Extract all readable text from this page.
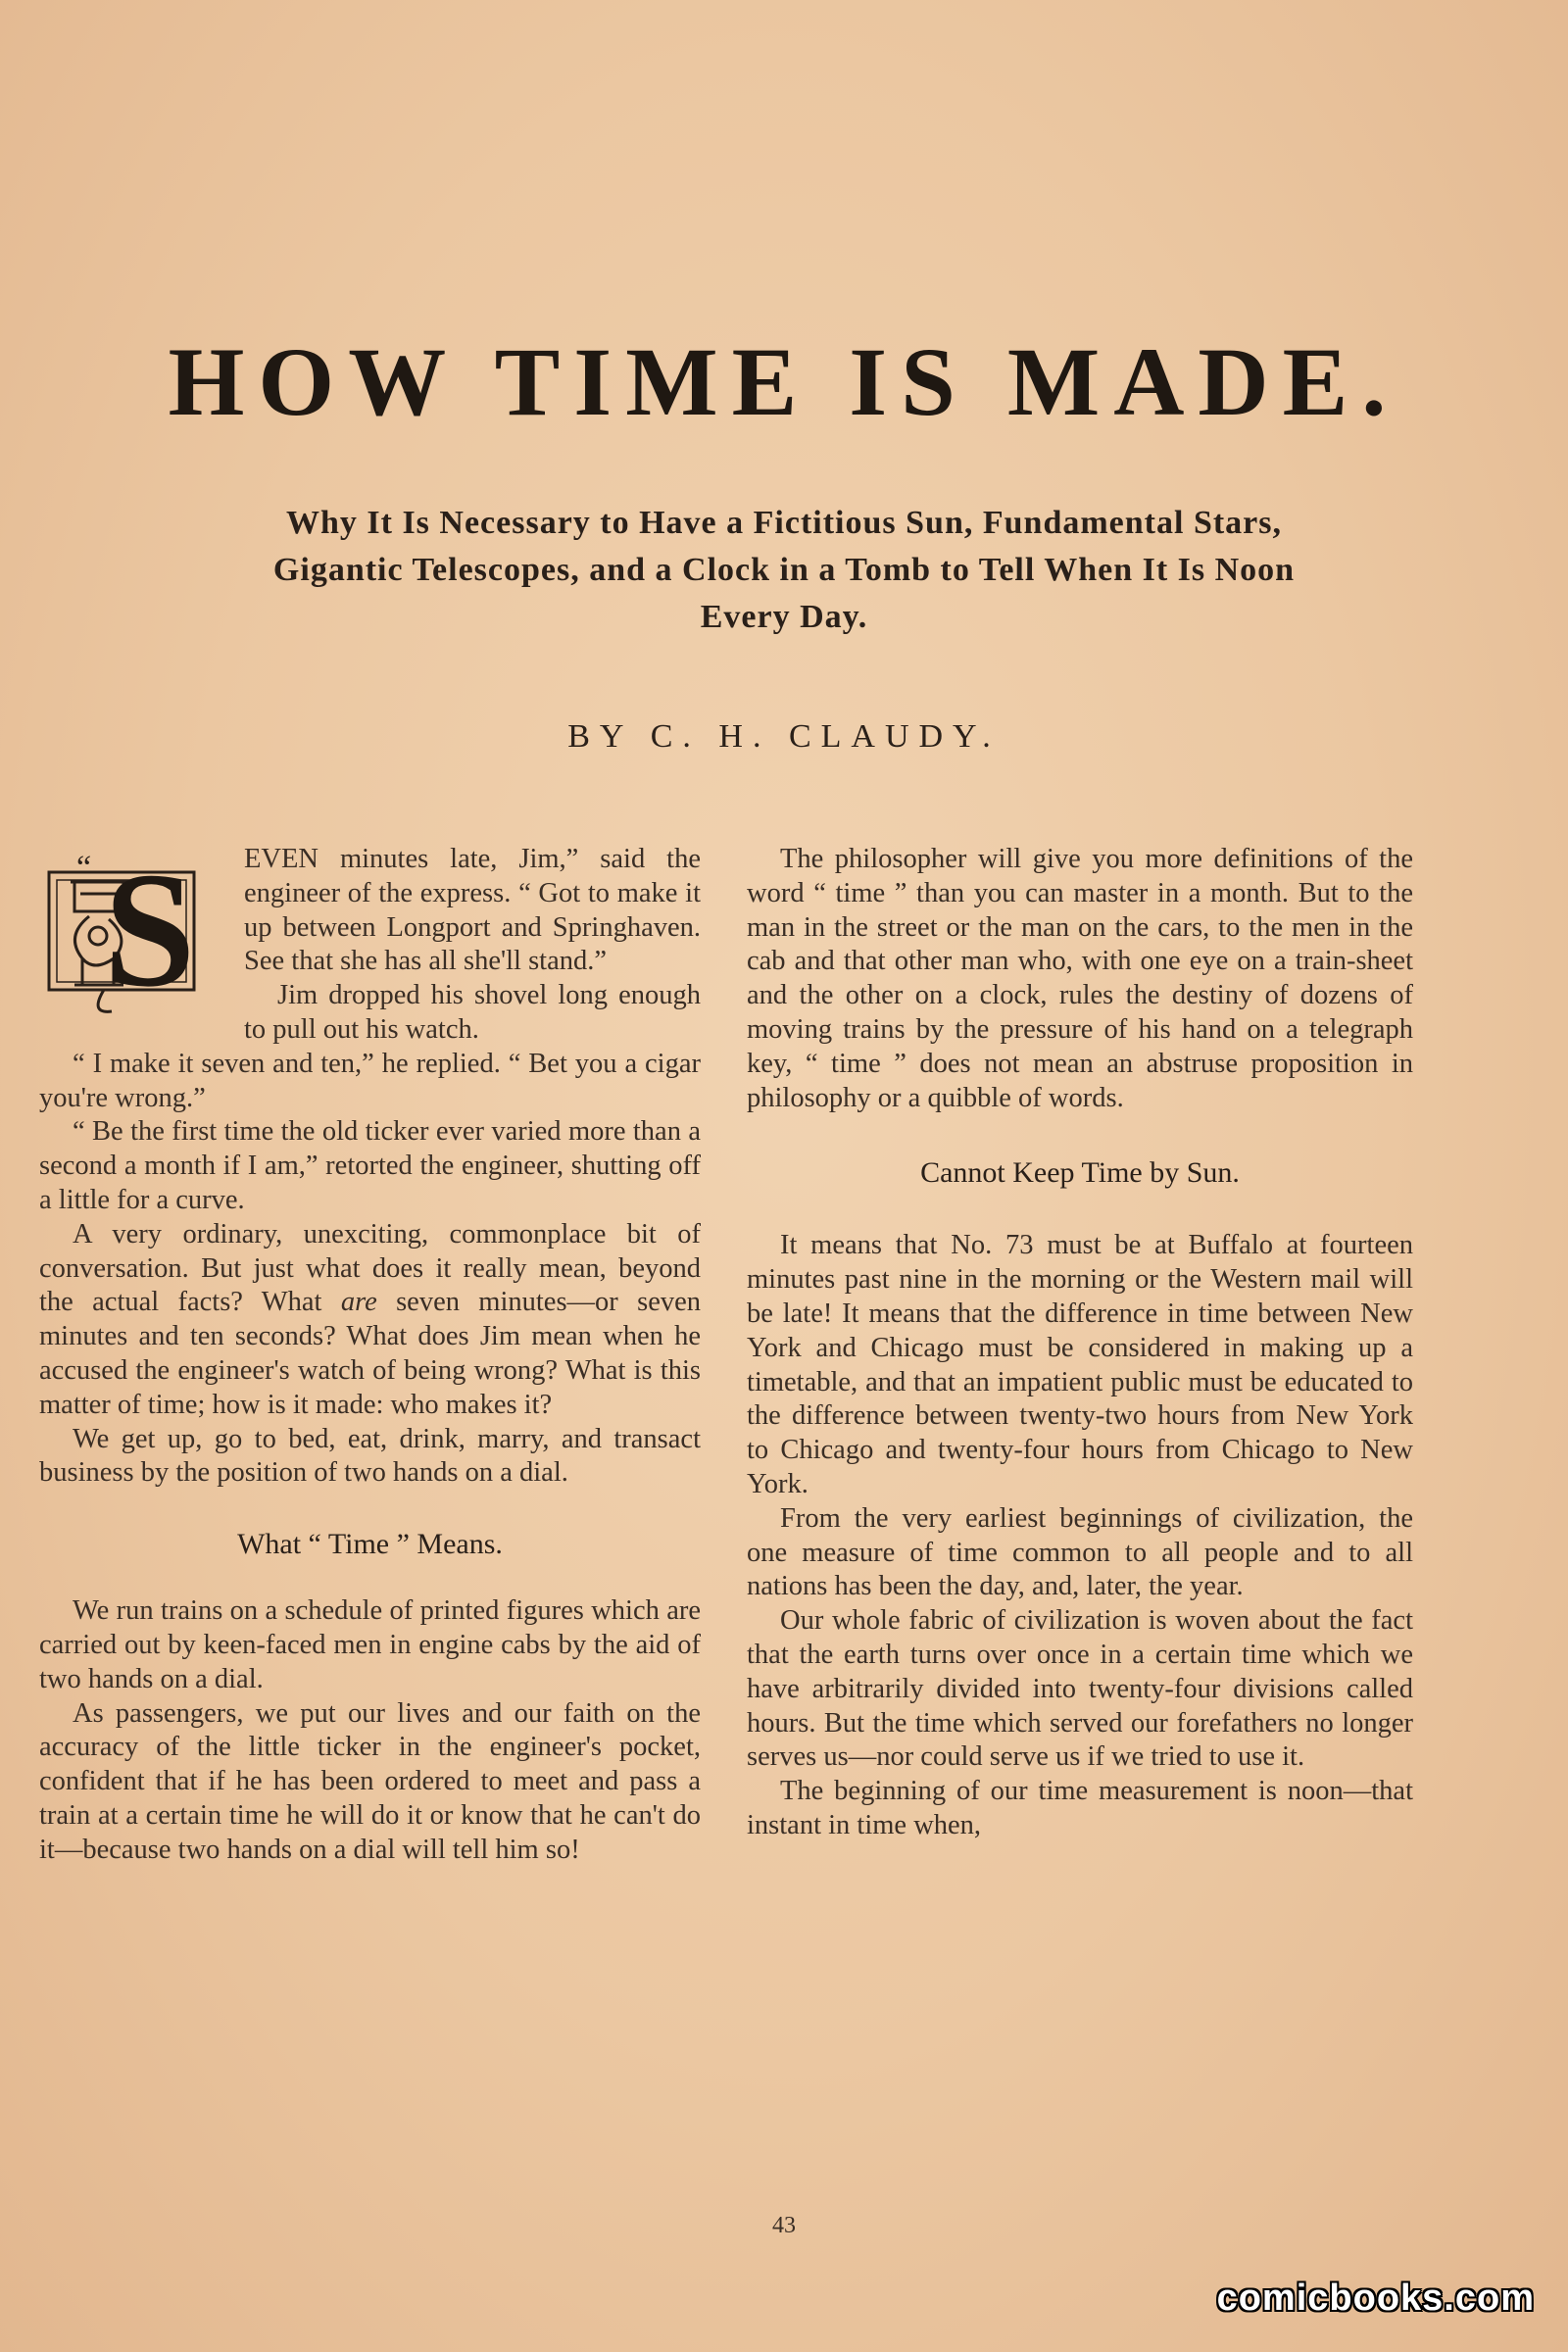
HOW TIME IS MADE.
Why It Is Necessary to Have a Fictitious Sun, Fundamental Stars, Gigantic Telescopes, and a Clock in a Tomb to Tell When It Is Noon Every Day.
BY C. H. CLAUDY.

S
“	EVEN minutes late, Jim,” said the engineer of the express. “ Got to make it up between Longport and Springhaven. See that she has all she'll stand.”

Jim dropped his shovel long enough to pull out his watch.

“ I make it seven and ten,” he replied. “ Bet you a cigar you're wrong.”

“ Be the first time the old ticker ever varied more than a second a month if I am,” retorted the engineer, shutting off a little for a curve.

A very ordinary, unexciting, commonplace bit of conversation. But just what does it really mean, beyond the actual facts? What are seven minutes—or seven minutes and ten seconds? What does Jim mean when he accused the engineer's watch of being wrong? What is this matter of time; how is it made: who makes it?

We get up, go to bed, eat, drink, marry, and transact business by the position of two hands on a dial.

What “ Time ” Means.

We run trains on a schedule of printed figures which are carried out by keen-faced men in engine cabs by the aid of two hands on a dial.

As passengers, we put our lives and our faith on the accuracy of the little ticker in the engineer's pocket, confident that if he has been ordered to meet and pass a train at a certain time he will do it or know that he can't do it—because two hands on a dial will tell him so!

The philosopher will give you more definitions of the word “ time ” than you can master in a month. But to the man in the street or the man on the cars, to the men in the cab and that other man who, with one eye on a train-sheet and the other on a clock, rules the destiny of dozens of moving trains by the pressure of his hand on a telegraph key, “ time ” does not mean an abstruse proposition in philosophy or a quibble of words.

Cannot Keep Time by Sun.

It means that No. 73 must be at Buffalo at fourteen minutes past nine in the morning or the Western mail will be late! It means that the difference in time between New York and Chicago must be considered in making up a timetable, and that an impatient public must be educated to the difference between twenty-two hours from New York to Chicago and twenty-four hours from Chicago to New York.

From the very earliest beginnings of civilization, the one measure of time common to all people and to all nations has been the day, and, later, the year.

Our whole fabric of civilization is woven about the fact that the earth turns over once in a certain time which we have arbitrarily divided into twenty-four divisions called hours. But the time which served our forefathers no longer serves us—nor could serve us if we tried to use it.

The beginning of our time measurement is noon—that instant in time when,

43
comicbooks.com
